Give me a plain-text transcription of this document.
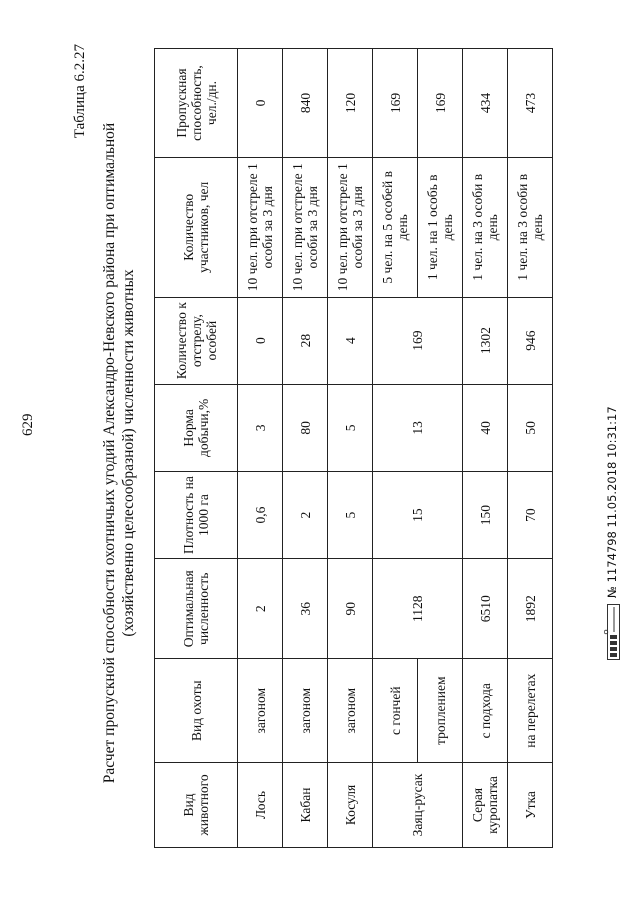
629
Таблица 6.2.27
Расчет пропускной способности охотничьих угодий Александро-Невского района при оптимальной (хозяйственно целесообразной) численности животных
Вид животного	Вид охоты	Оптимальная численность	Плотность на 1000 га	Норма добычи,%	Количество к отстрелу, особей	Количество участников, чел	Пропускная способность, чел./дн.
Лось	загоном	2	0,6	3	0	10 чел. при отстреле 1 особи за 3 дня	0
Кабан	загоном	36	2	80	28	10 чел. при отстреле 1 особи за 3 дня	840
Косуля	загоном	90	5	5	4	10 чел. при отстреле 1 особи за 3 дня	120
Заяц-русак	с гончей	1128	15	13	169	5 чел. на 5 особей в день	169
	троплением					1 чел. на 1 особь в день	169
Серая куропатка	с подхода	6510	150	40	1302	1 чел. на 3 особи в день	434
Утка	на перелетах	1892	70	50	946	1 чел. на 3 особи в день	473
№ 1174798 11.05.2018 10:31:17
